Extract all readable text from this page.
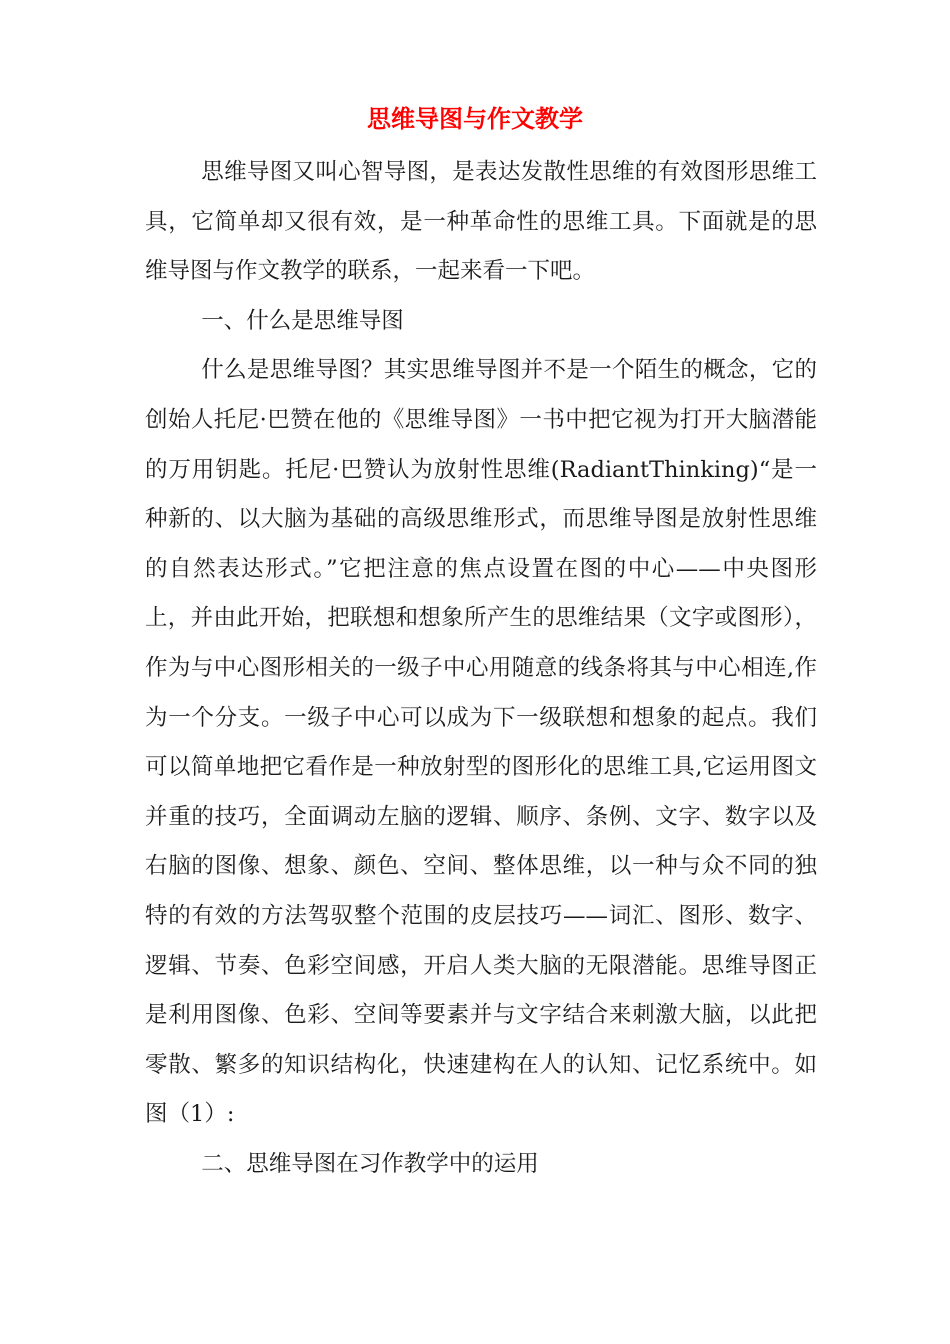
思维导图与作文教学

思维导图又叫心智导图，是表达发散性思维的有效图形思维工具，它简单却又很有效，是一种革命性的思维工具。下面就是的思维导图与作文教学的联系，一起来看一下吧。

一、什么是思维导图

什么是思维导图？其实思维导图并不是一个陌生的概念，它的创始人托尼·巴赞在他的《思维导图》一书中把它视为打开大脑潜能的万用钥匙。托尼·巴赞认为放射性思维(RadiantThinking)“是一种新的、以大脑为基础的高级思维形式，而思维导图是放射性思维的自然表达形式。”它把注意的焦点设置在图的中心——中央图形上，并由此开始，把联想和想象所产生的思维结果（文字或图形），作为与中心图形相关的一级子中心用随意的线条将其与中心相连,作为一个分支。一级子中心可以成为下一级联想和想象的起点。我们可以简单地把它看作是一种放射型的图形化的思维工具,它运用图文并重的技巧，全面调动左脑的逻辑、顺序、条例、文字、数字以及右脑的图像、想象、颜色、空间、整体思维，以一种与众不同的独特的有效的方法驾驭整个范围的皮层技巧——词汇、图形、数字、逻辑、节奏、色彩空间感，开启人类大脑的无限潜能。思维导图正是利用图像、色彩、空间等要素并与文字结合来刺激大脑，以此把零散、繁多的知识结构化，快速建构在人的认知、记忆系统中。如图（1）:

二、思维导图在习作教学中的运用
